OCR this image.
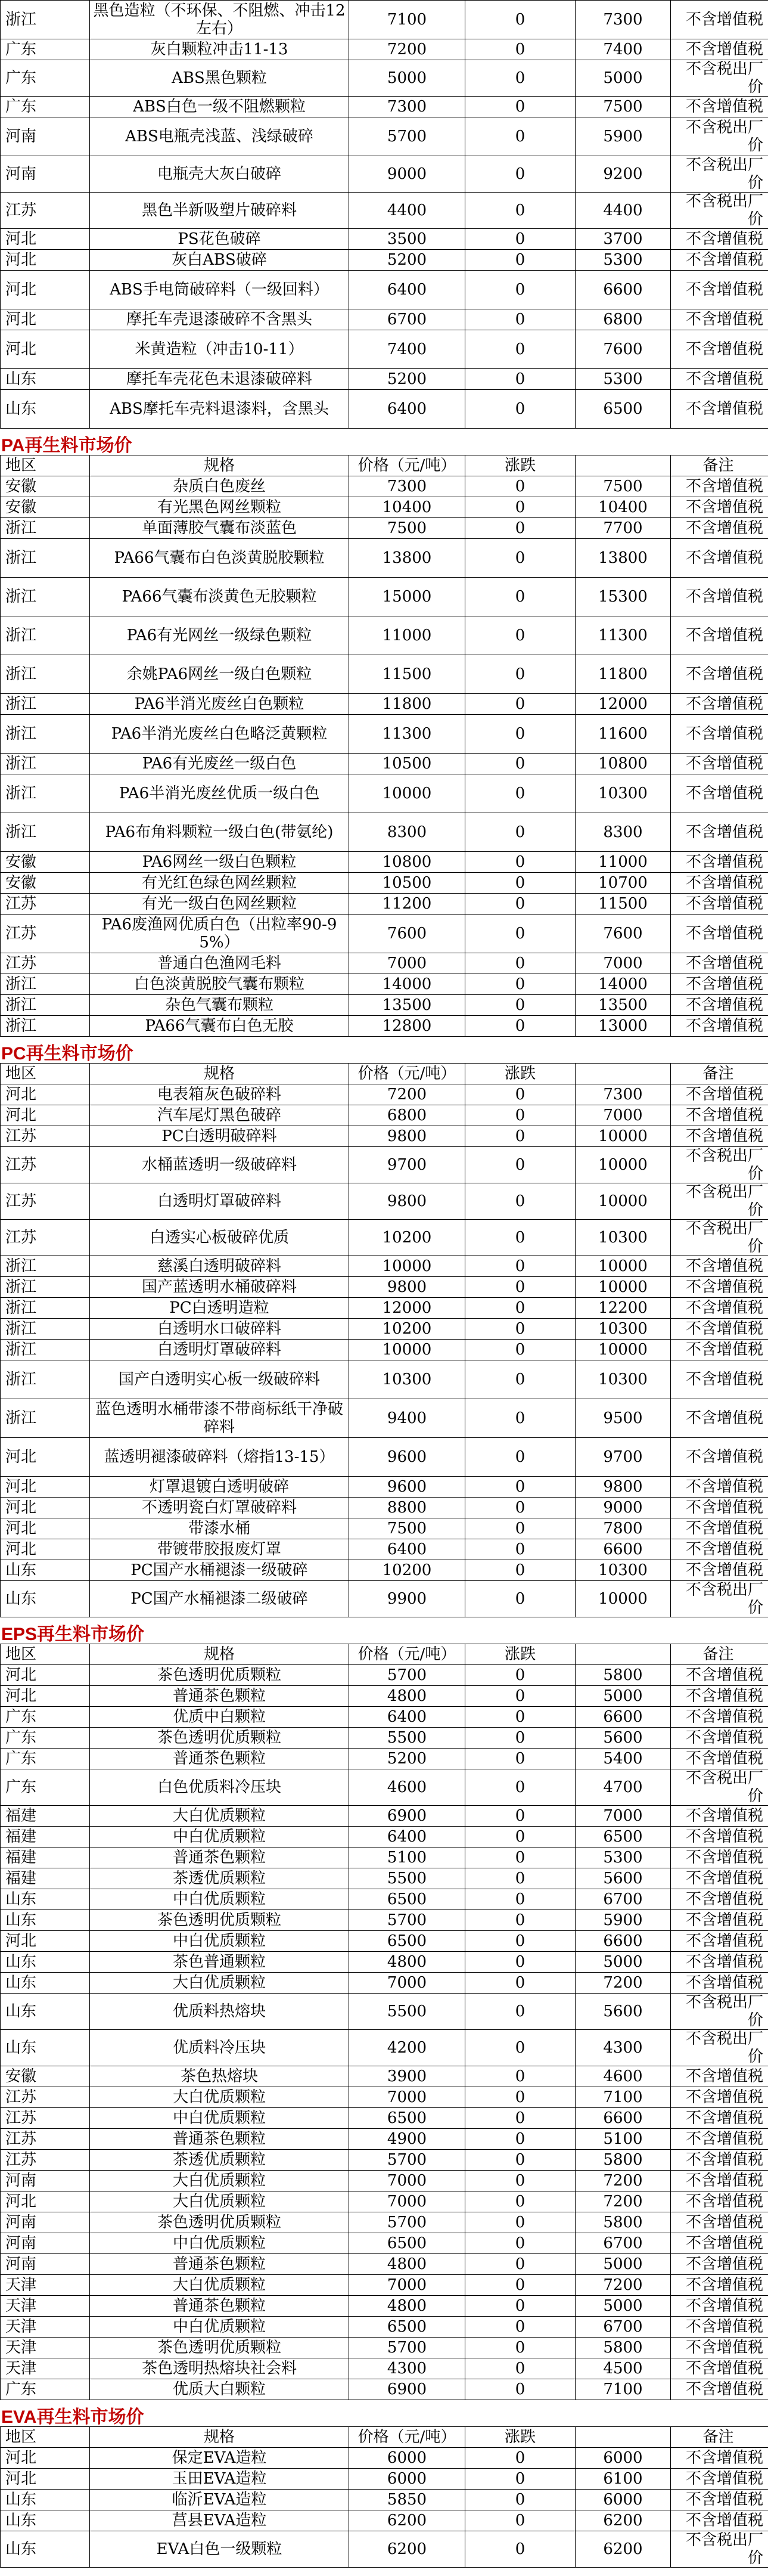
浙江	黑色造粒（不环保、不阻燃、冲击12左右）	7100	0	7300	不含增值税
广东	灰白颗粒冲击11-13	7200	0	7400	不含增值税
广东	ABS黑色颗粒	5000	0	5000	不含税出厂价
广东	ABS白色一级不阻燃颗粒	7300	0	7500	不含增值税
河南	ABS电瓶壳浅蓝、浅绿破碎	5700	0	5900	不含税出厂价
河南	电瓶壳大灰白破碎	9000	0	9200	不含税出厂价
江苏	黑色半新吸塑片破碎料	4400	0	4400	不含税出厂价
河北	PS花色破碎	3500	0	3700	不含增值税
河北	灰白ABS破碎	5200	0	5300	不含增值税
河北	ABS手电筒破碎料（一级回料）	6400	0	6600	不含增值税
河北	摩托车壳退漆破碎不含黑头	6700	0	6800	不含增值税
河北	米黄造粒（冲击10-11）	7400	0	7600	不含增值税
山东	摩托车壳花色未退漆破碎料	5200	0	5300	不含增值税
山东	ABS摩托车壳料退漆料，含黑头	6400	0	6500	不含增值税
PA再生料市场价
地区	规格	价格（元/吨）	涨跌		备注
安徽	杂质白色废丝	7300	0	7500	不含增值税
安徽	有光黑色网丝颗粒	10400	0	10400	不含增值税
浙江	单面薄胶气囊布淡蓝色	7500	0	7700	不含增值税
浙江	PA66气囊布白色淡黄脱胶颗粒	13800	0	13800	不含增值税
浙江	PA66气囊布淡黄色无胶颗粒	15000	0	15300	不含增值税
浙江	PA6有光网丝一级绿色颗粒	11000	0	11300	不含增值税
浙江	余姚PA6网丝一级白色颗粒	11500	0	11800	不含增值税
浙江	PA6半消光废丝白色颗粒	11800	0	12000	不含增值税
浙江	PA6半消光废丝白色略泛黄颗粒	11300	0	11600	不含增值税
浙江	PA6有光废丝一级白色	10500	0	10800	不含增值税
浙江	PA6半消光废丝优质一级白色	10000	0	10300	不含增值税
浙江	PA6布角料颗粒一级白色(带氨纶)	8300	0	8300	不含增值税
安徽	PA6网丝一级白色颗粒	10800	0	11000	不含增值税
安徽	有光红色绿色网丝颗粒	10500	0	10700	不含增值税
江苏	有光一级白色网丝颗粒	11200	0	11500	不含增值税
江苏	PA6废渔网优质白色（出粒率90-95%）	7600	0	7600	不含增值税
江苏	普通白色渔网毛料	7000	0	7000	不含增值税
浙江	白色淡黄脱胶气囊布颗粒	14000	0	14000	不含增值税
浙江	杂色气囊布颗粒	13500	0	13500	不含增值税
浙江	PA66气囊布白色无胶	12800	0	13000	不含增值税
PC再生料市场价
地区	规格	价格（元/吨）	涨跌		备注
河北	电表箱灰色破碎料	7200	0	7300	不含增值税
河北	汽车尾灯黑色破碎	6800	0	7000	不含增值税
江苏	PC白透明破碎料	9800	0	10000	不含增值税
江苏	水桶蓝透明一级破碎料	9700	0	10000	不含税出厂价
江苏	白透明灯罩破碎料	9800	0	10000	不含税出厂价
江苏	白透实心板破碎优质	10200	0	10300	不含税出厂价
浙江	慈溪白透明破碎料	10000	0	10000	不含增值税
浙江	国产蓝透明水桶破碎料	9800	0	10000	不含增值税
浙江	PC白透明造粒	12000	0	12200	不含增值税
浙江	白透明水口破碎料	10200	0	10300	不含增值税
浙江	白透明灯罩破碎料	10000	0	10000	不含增值税
浙江	国产白透明实心板一级破碎料	10300	0	10300	不含增值税
浙江	蓝色透明水桶带漆不带商标纸干净破碎料	9400	0	9500	不含增值税
河北	蓝透明褪漆破碎料（熔指13-15）	9600	0	9700	不含增值税
河北	灯罩退镀白透明破碎	9600	0	9800	不含增值税
河北	不透明瓷白灯罩破碎料	8800	0	9000	不含增值税
河北	带漆水桶	7500	0	7800	不含增值税
河北	带镀带胶报废灯罩	6400	0	6600	不含增值税
山东	PC国产水桶褪漆一级破碎	10200	0	10300	不含增值税
山东	PC国产水桶褪漆二级破碎	9900	0	10000	不含税出厂价
EPS再生料市场价
地区	规格	价格（元/吨）	涨跌		备注
河北	茶色透明优质颗粒	5700	0	5800	不含增值税
河北	普通茶色颗粒	4800	0	5000	不含增值税
广东	优质中白颗粒	6400	0	6600	不含增值税
广东	茶色透明优质颗粒	5500	0	5600	不含增值税
广东	普通茶色颗粒	5200	0	5400	不含增值税
广东	白色优质料冷压块	4600	0	4700	不含税出厂价
福建	大白优质颗粒	6900	0	7000	不含增值税
福建	中白优质颗粒	6400	0	6500	不含增值税
福建	普通茶色颗粒	5100	0	5300	不含增值税
福建	茶透优质颗粒	5500	0	5600	不含增值税
山东	中白优质颗粒	6500	0	6700	不含增值税
山东	茶色透明优质颗粒	5700	0	5900	不含增值税
河北	中白优质颗粒	6500	0	6600	不含增值税
山东	茶色普通颗粒	4800	0	5000	不含增值税
山东	大白优质颗粒	7000	0	7200	不含增值税
山东	优质料热熔块	5500	0	5600	不含税出厂价
山东	优质料冷压块	4200	0	4300	不含税出厂价
安徽	茶色热熔块	3900	0	4600	不含增值税
江苏	大白优质颗粒	7000	0	7100	不含增值税
江苏	中白优质颗粒	6500	0	6600	不含增值税
江苏	普通茶色颗粒	4900	0	5100	不含增值税
江苏	茶透优质颗粒	5700	0	5800	不含增值税
河南	大白优质颗粒	7000	0	7200	不含增值税
河北	大白优质颗粒	7000	0	7200	不含增值税
河南	茶色透明优质颗粒	5700	0	5800	不含增值税
河南	中白优质颗粒	6500	0	6700	不含增值税
河南	普通茶色颗粒	4800	0	5000	不含增值税
天津	大白优质颗粒	7000	0	7200	不含增值税
天津	普通茶色颗粒	4800	0	5000	不含增值税
天津	中白优质颗粒	6500	0	6700	不含增值税
天津	茶色透明优质颗粒	5700	0	5800	不含增值税
天津	茶色透明热熔块社会料	4300	0	4500	不含增值税
广东	优质大白颗粒	6900	0	7100	不含增值税
EVA再生料市场价
地区	规格	价格（元/吨）	涨跌		备注
河北	保定EVA造粒	6000	0	6000	不含增值税
河北	玉田EVA造粒	6000	0	6100	不含增值税
山东	临沂EVA造粒	5850	0	6000	不含增值税
山东	莒县EVA造粒	6200	0	6200	不含增值税
山东	EVA白色一级颗粒	6200	0	6200	不含税出厂价
